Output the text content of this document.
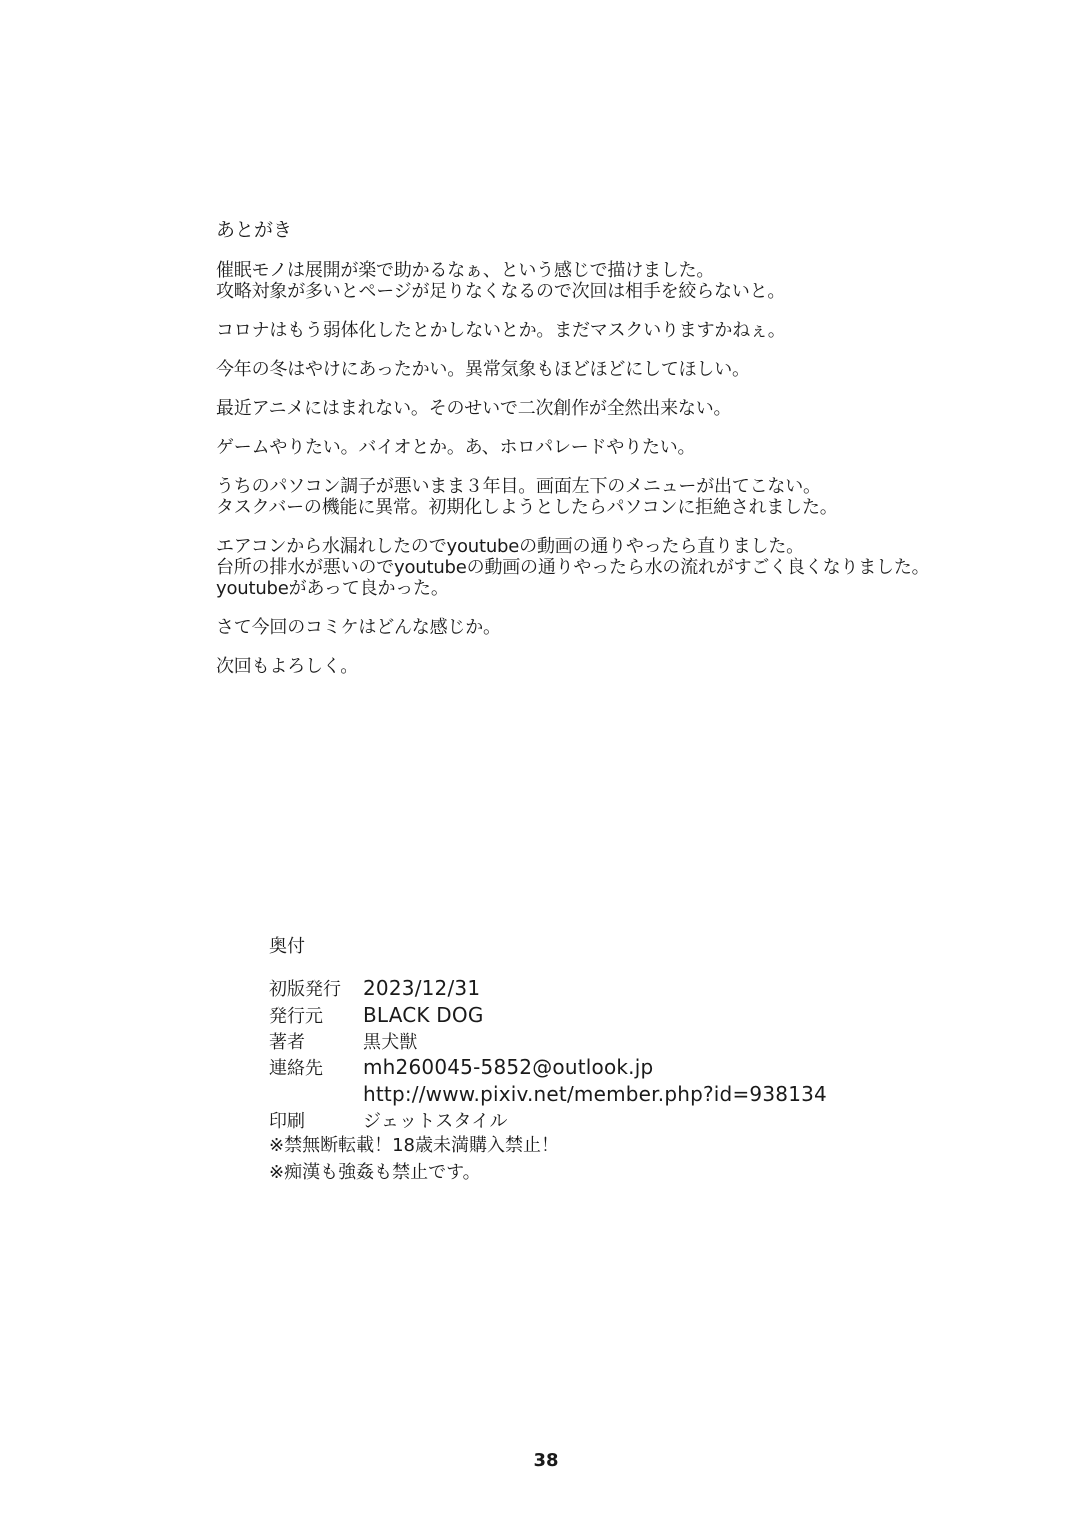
あとがき
催眠モノは展開が楽で助かるなぁ、という感じで描けました。
攻略対象が多いとページが足りなくなるので次回は相手を絞らないと。
コロナはもう弱体化したとかしないとか。まだマスクいりますかねぇ。
今年の冬はやけにあったかい。異常気象もほどほどにしてほしい。
最近アニメにはまれない。そのせいで二次創作が全然出来ない。
ゲームやりたい。バイオとか。あ、ホロパレードやりたい。
うちのパソコン調子が悪いまま３年目。画面左下のメニューが出てこない。
タスクバーの機能に異常。初期化しようとしたらパソコンに拒絶されました。
エアコンから水漏れしたのでyoutubeの動画の通りやったら直りました。
台所の排水が悪いのでyoutubeの動画の通りやったら水の流れがすごく良くなりました。
youtubeがあって良かった。
さて今回のコミケはどんな感じか。
次回もよろしく。
奥付
初版発行	2023/12/31
発行元	BLACK DOG
著者	黒犬獣
連絡先	mh260045-5852@outlook.jp
http://www.pixiv.net/member.php?id=938134
印刷	ジェットスタイル
※禁無断転載！18歳未満購入禁止！
※痴漢も強姦も禁止です。
38
